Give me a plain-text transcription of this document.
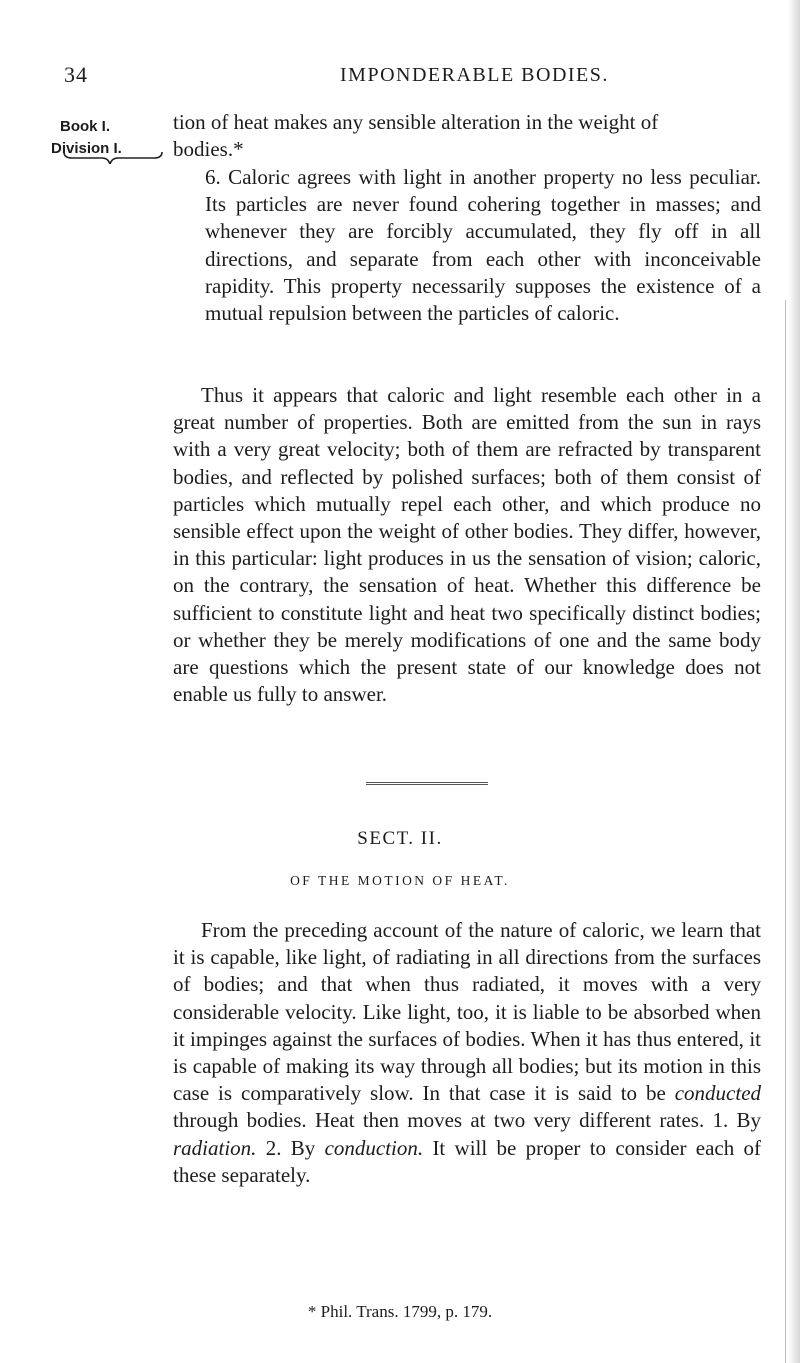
34	IMPONDERABLE BODIES.
Book I.
Division I.

tion of heat makes any sensible alteration in the weight of

bodies.*

6. Caloric agrees with light in another property no less peculiar. Its particles are never found cohering together in masses; and whenever they are forcibly accumulated, they fly off in all directions, and separate from each other with inconceivable rapidity. This property necessarily supposes the existence of a mutual repulsion between the particles of caloric.

Thus it appears that caloric and light resemble each other in a great number of properties. Both are emitted from the sun in rays with a very great velocity; both of them are refracted by transparent bodies, and reflected by polished surfaces; both of them consist of particles which mutually repel each other, and which produce no sensible effect upon the weight of other bodies. They differ, however, in this particular: light produces in us the sensation of vision; caloric, on the contrary, the sensation of heat. Whether this difference be sufficient to constitute light and heat two specifically distinct bodies; or whether they be merely modifications of one and the same body are questions which the present state of our knowledge does not enable us fully to answer.

SECT. II.
OF THE MOTION OF HEAT.

From the preceding account of the nature of caloric, we learn that it is capable, like light, of radiating in all directions from the surfaces of bodies; and that when thus radiated, it moves with a very considerable velocity. Like light, too, it is liable to be absorbed when it impinges against the surfaces of bodies. When it has thus entered, it is capable of making its way through all bodies; but its motion in this case is comparatively slow. In that case it is said to be conducted through bodies. Heat then moves at two very different rates. 1. By radiation. 2. By conduction. It will be proper to consider each of these separately.

* Phil. Trans. 1799, p. 179.
